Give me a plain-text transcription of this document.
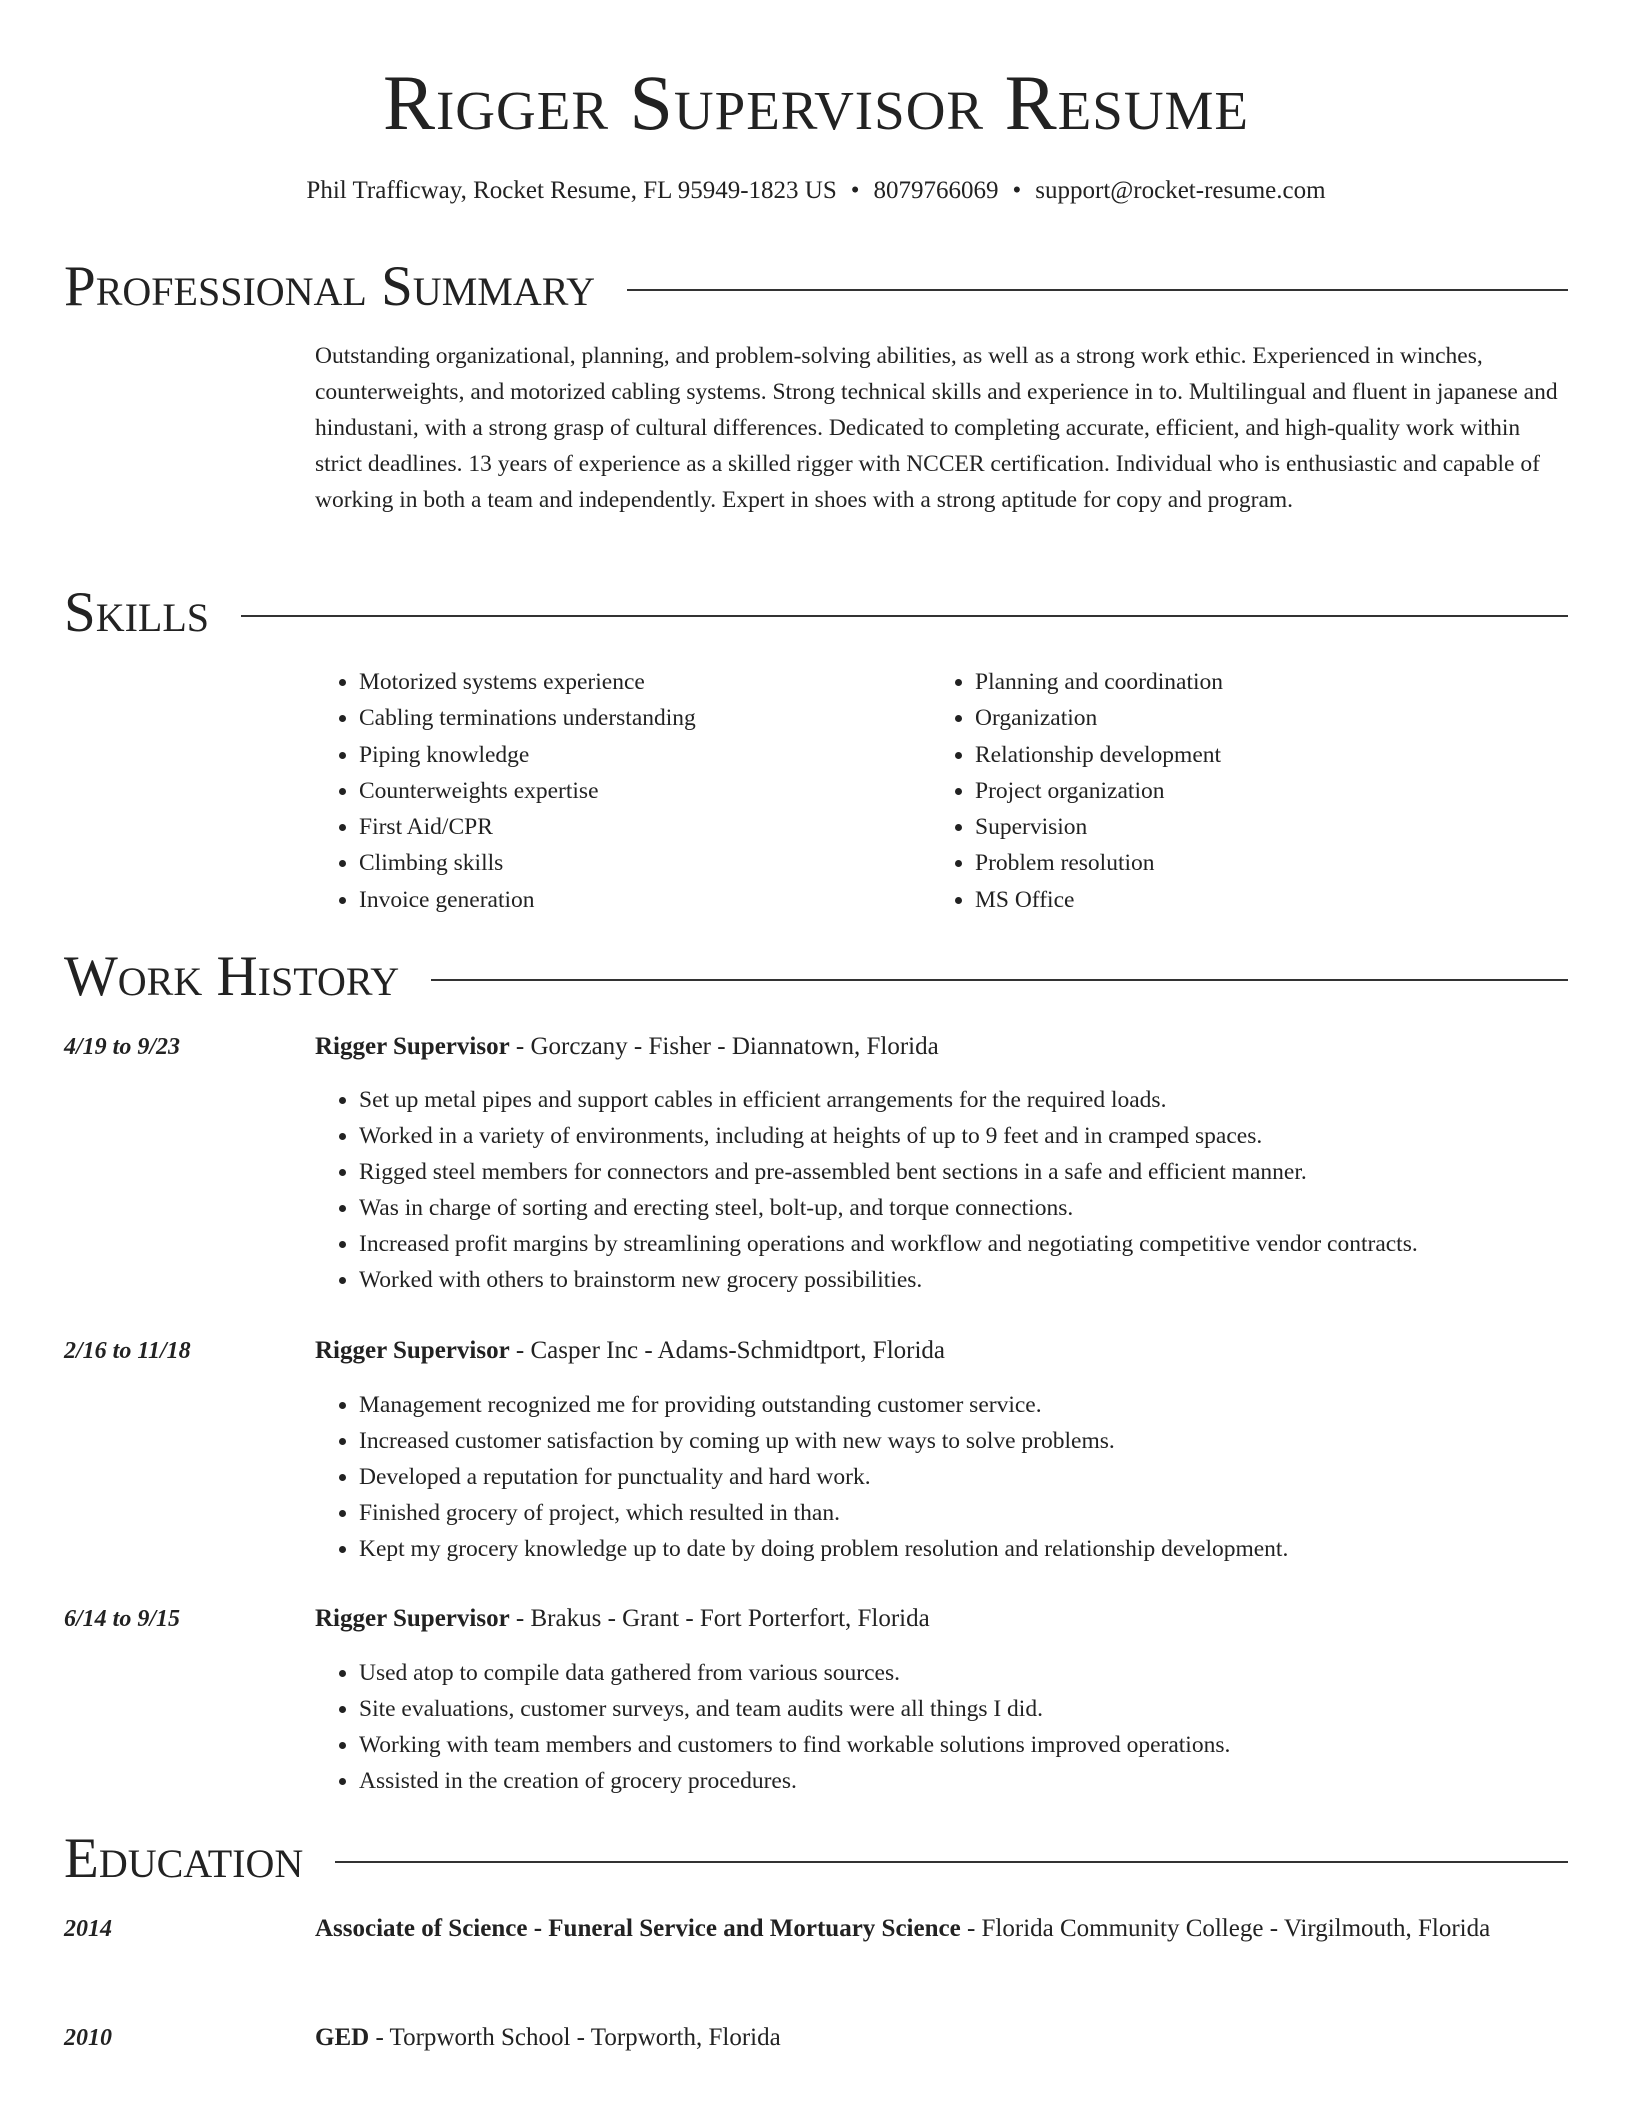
Rigger Supervisor Resume
Phil Trafficway, Rocket Resume, FL 95949-1823 US • 8079766069 • support@rocket-resume.com
Professional Summary

Outstanding organizational, planning, and problem-solving abilities, as well as a strong work ethic. Experienced in winches, counterweights, and motorized cabling systems. Strong technical skills and experience in to. Multilingual and fluent in japanese and hindustani, with a strong grasp of cultural differences. Dedicated to completing accurate, efficient, and high-quality work within strict deadlines. 13 years of experience as a skilled rigger with NCCER certification. Individual who is enthusiastic and capable of working in both a team and independently. Expert in shoes with a strong aptitude for copy and program.

Skills
• Motorized systems experience
• Cabling terminations understanding
• Piping knowledge
• Counterweights expertise
• First Aid/CPR
• Climbing skills
• Invoice generation
• Planning and coordination
• Organization
• Relationship development
• Project organization
• Supervision
• Problem resolution
• MS Office
Work History
4/19 to 9/23	Rigger Supervisor - Gorczany - Fisher - Diannatown, Florida
• Set up metal pipes and support cables in efficient arrangements for the required loads.
• Worked in a variety of environments, including at heights of up to 9 feet and in cramped spaces.
• Rigged steel members for connectors and pre-assembled bent sections in a safe and efficient manner.
• Was in charge of sorting and erecting steel, bolt-up, and torque connections.
• Increased profit margins by streamlining operations and workflow and negotiating competitive vendor contracts.
• Worked with others to brainstorm new grocery possibilities.
2/16 to 11/18	Rigger Supervisor - Casper Inc - Adams-Schmidtport, Florida
• Management recognized me for providing outstanding customer service.
• Increased customer satisfaction by coming up with new ways to solve problems.
• Developed a reputation for punctuality and hard work.
• Finished grocery of project, which resulted in than.
• Kept my grocery knowledge up to date by doing problem resolution and relationship development.
6/14 to 9/15	Rigger Supervisor - Brakus - Grant - Fort Porterfort, Florida
• Used atop to compile data gathered from various sources.
• Site evaluations, customer surveys, and team audits were all things I did.
• Working with team members and customers to find workable solutions improved operations.
• Assisted in the creation of grocery procedures.
Education
2014	Associate of Science - Funeral Service and Mortuary Science - Florida Community College - Virgilmouth, Florida
2010	GED - Torpworth School - Torpworth, Florida
